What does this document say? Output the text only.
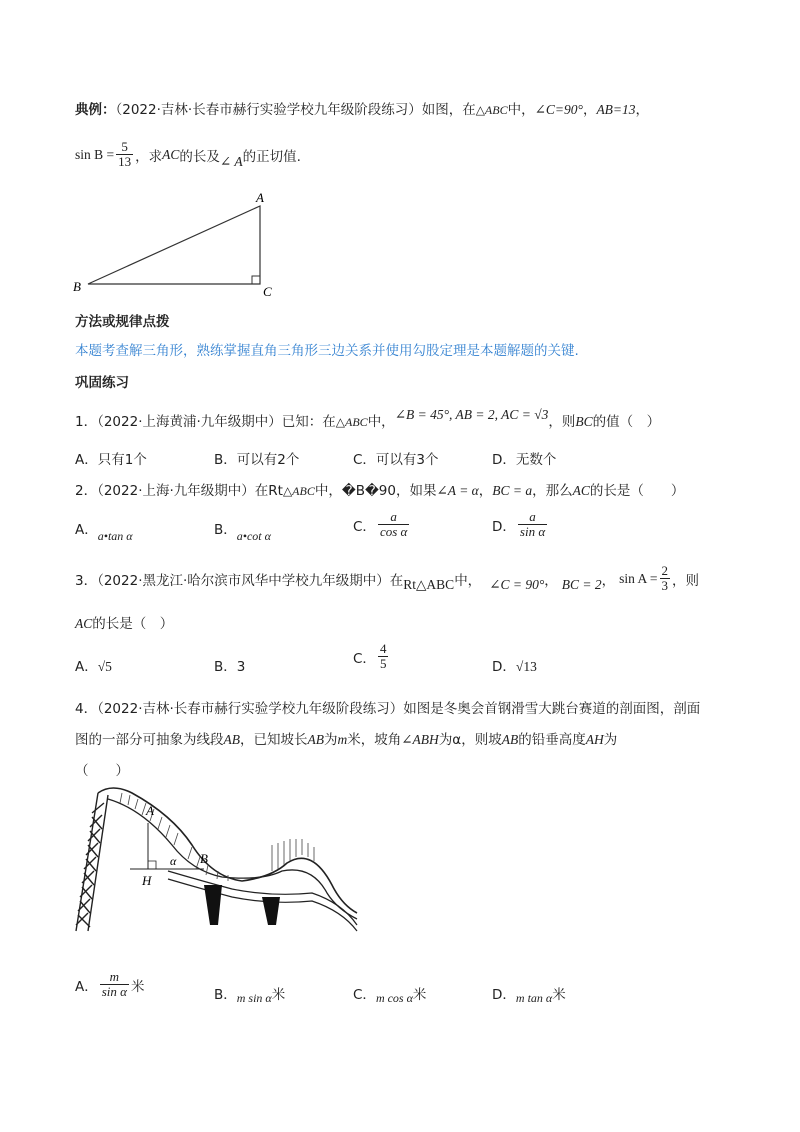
典例：（2022·吉林·长春市赫行实验学校九年级阶段练习）如图，在△ABC中，∠C=90°，AB=13，
$\sin B = \frac{5}{13}$ ，求 AC 的长及 ∠ A 的正切值.
A
B	C
方法或规律点拨
本题考查解三角形，熟练掌握直角三角形三边关系并使用勾股定理是本题解题的关键.
巩固练习
1．（2022·上海黄浦·九年级期中）已知：在△ABC中，∠B = 45°, AB = 2, AC = √3，则BC的值（　）
A．只有1个	B．可以有2个	C．可以有3个	D．无数个
2．（2022·上海·九年级期中）在Rt△ABC中，�B�90，如果∠A = α，BC = a，那么AC的长是（　　）
A．a•tan α	B．a•cot α
C． $\frac{a}{\text{cos α}}$	D． $\frac{a}{\text{sin α}}$
3．（2022·黑龙江·哈尔滨市风华中学校九年级期中）在 Rt△ABC 中， ∠C = 90° ， BC = 2 ， $\sin A = \frac{2}{3}$ ，则
AC的长是（　）
A．√5	B．3
C． $\frac{4}{5}$	D．√13
4．（2022·吉林·长春市赫行实验学校九年级阶段练习）如图是冬奥会首钢滑雪大跳台赛道的剖面图，剖面
图的一部分可抽象为线段AB，已知坡长AB为m米，坡角∠ABH为α，则坡AB的铅垂高度AH为
（　　）
A
B
H
α
A． $\frac{m}{\text{sin α}}$ 米
B．m sin α米	C．m cos α米	D．m tan α米
